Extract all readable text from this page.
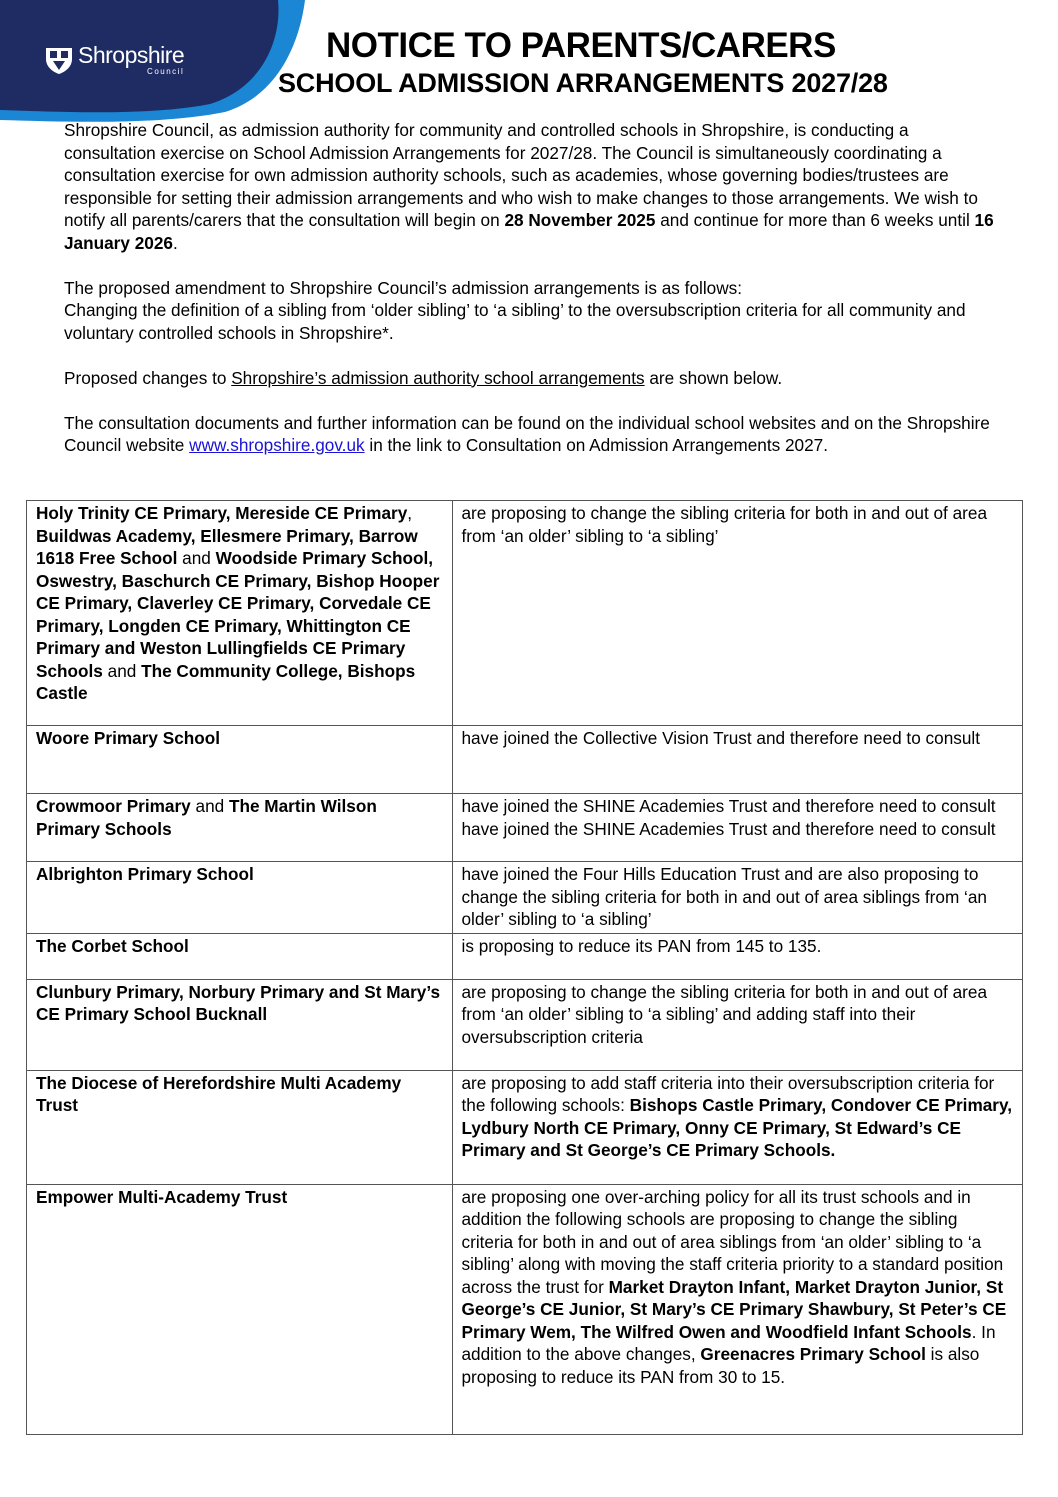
Shropshire
Council
NOTICE TO PARENTS/CARERS
SCHOOL ADMISSION ARRANGEMENTS 2027/28

Shropshire Council, as admission authority for community and controlled schools in Shropshire, is conducting a consultation exercise on School Admission Arrangements for 2027/28. The Council is simultaneously coordinating a consultation exercise for own admission authority schools, such as academies, whose governing bodies/trustees are responsible for setting their admission arrangements and who wish to make changes to those arrangements. We wish to notify all parents/carers that the consultation will begin on 28 November 2025 and continue for more than 6 weeks until 16 January 2026.

The proposed amendment to Shropshire Council’s admission arrangements is as follows:
Changing the definition of a sibling from ‘older sibling’ to ‘a sibling’ to the oversubscription criteria for all community and voluntary controlled schools in Shropshire*.

Proposed changes to Shropshire’s admission authority school arrangements are shown below.

The consultation documents and further information can be found on the individual school websites and on the Shropshire Council website www.shropshire.gov.uk in the link to Consultation on Admission Arrangements 2027.

Holy Trinity CE Primary, Mereside CE Primary, Buildwas Academy, Ellesmere Primary, Barrow 1618 Free School and Woodside Primary School, Oswestry, Baschurch CE Primary, Bishop Hooper CE Primary, Claverley CE Primary, Corvedale CE Primary, Longden CE Primary, Whittington CE Primary and Weston Lullingfields CE Primary Schools and The Community College, Bishops Castle	are proposing to change the sibling criteria for both in and out of area from ‘an older’ sibling to ‘a sibling’
Woore Primary School	have joined the Collective Vision Trust and therefore need to consult
Crowmoor Primary and The Martin Wilson Primary Schools	have joined the SHINE Academies Trust and therefore need to consult have joined the SHINE Academies Trust and therefore need to consult
Albrighton Primary School	have joined the Four Hills Education Trust and are also proposing to change the sibling criteria for both in and out of area siblings from ‘an older’ sibling to ‘a sibling’
The Corbet School	is proposing to reduce its PAN from 145 to 135.
Clunbury Primary, Norbury Primary and St Mary’s CE Primary School Bucknall	are proposing to change the sibling criteria for both in and out of area from ‘an older’ sibling to ‘a sibling’ and adding staff into their oversubscription criteria
The Diocese of Herefordshire Multi Academy Trust	are proposing to add staff criteria into their oversubscription criteria for the following schools: Bishops Castle Primary, Condover CE Primary, Lydbury North CE Primary, Onny CE Primary, St Edward’s CE Primary and St George’s CE Primary Schools.
Empower Multi-Academy Trust	are proposing one over-arching policy for all its trust schools and in addition the following schools are proposing to change the sibling criteria for both in and out of area siblings from ‘an older’ sibling to ‘a sibling’ along with moving the staff criteria priority to a standard position across the trust for Market Drayton Infant, Market Drayton Junior, St George’s CE Junior, St Mary’s CE Primary Shawbury, St Peter’s CE Primary Wem, The Wilfred Owen and Woodfield Infant Schools. In addition to the above changes, Greenacres Primary School is also proposing to reduce its PAN from 30 to 15.
